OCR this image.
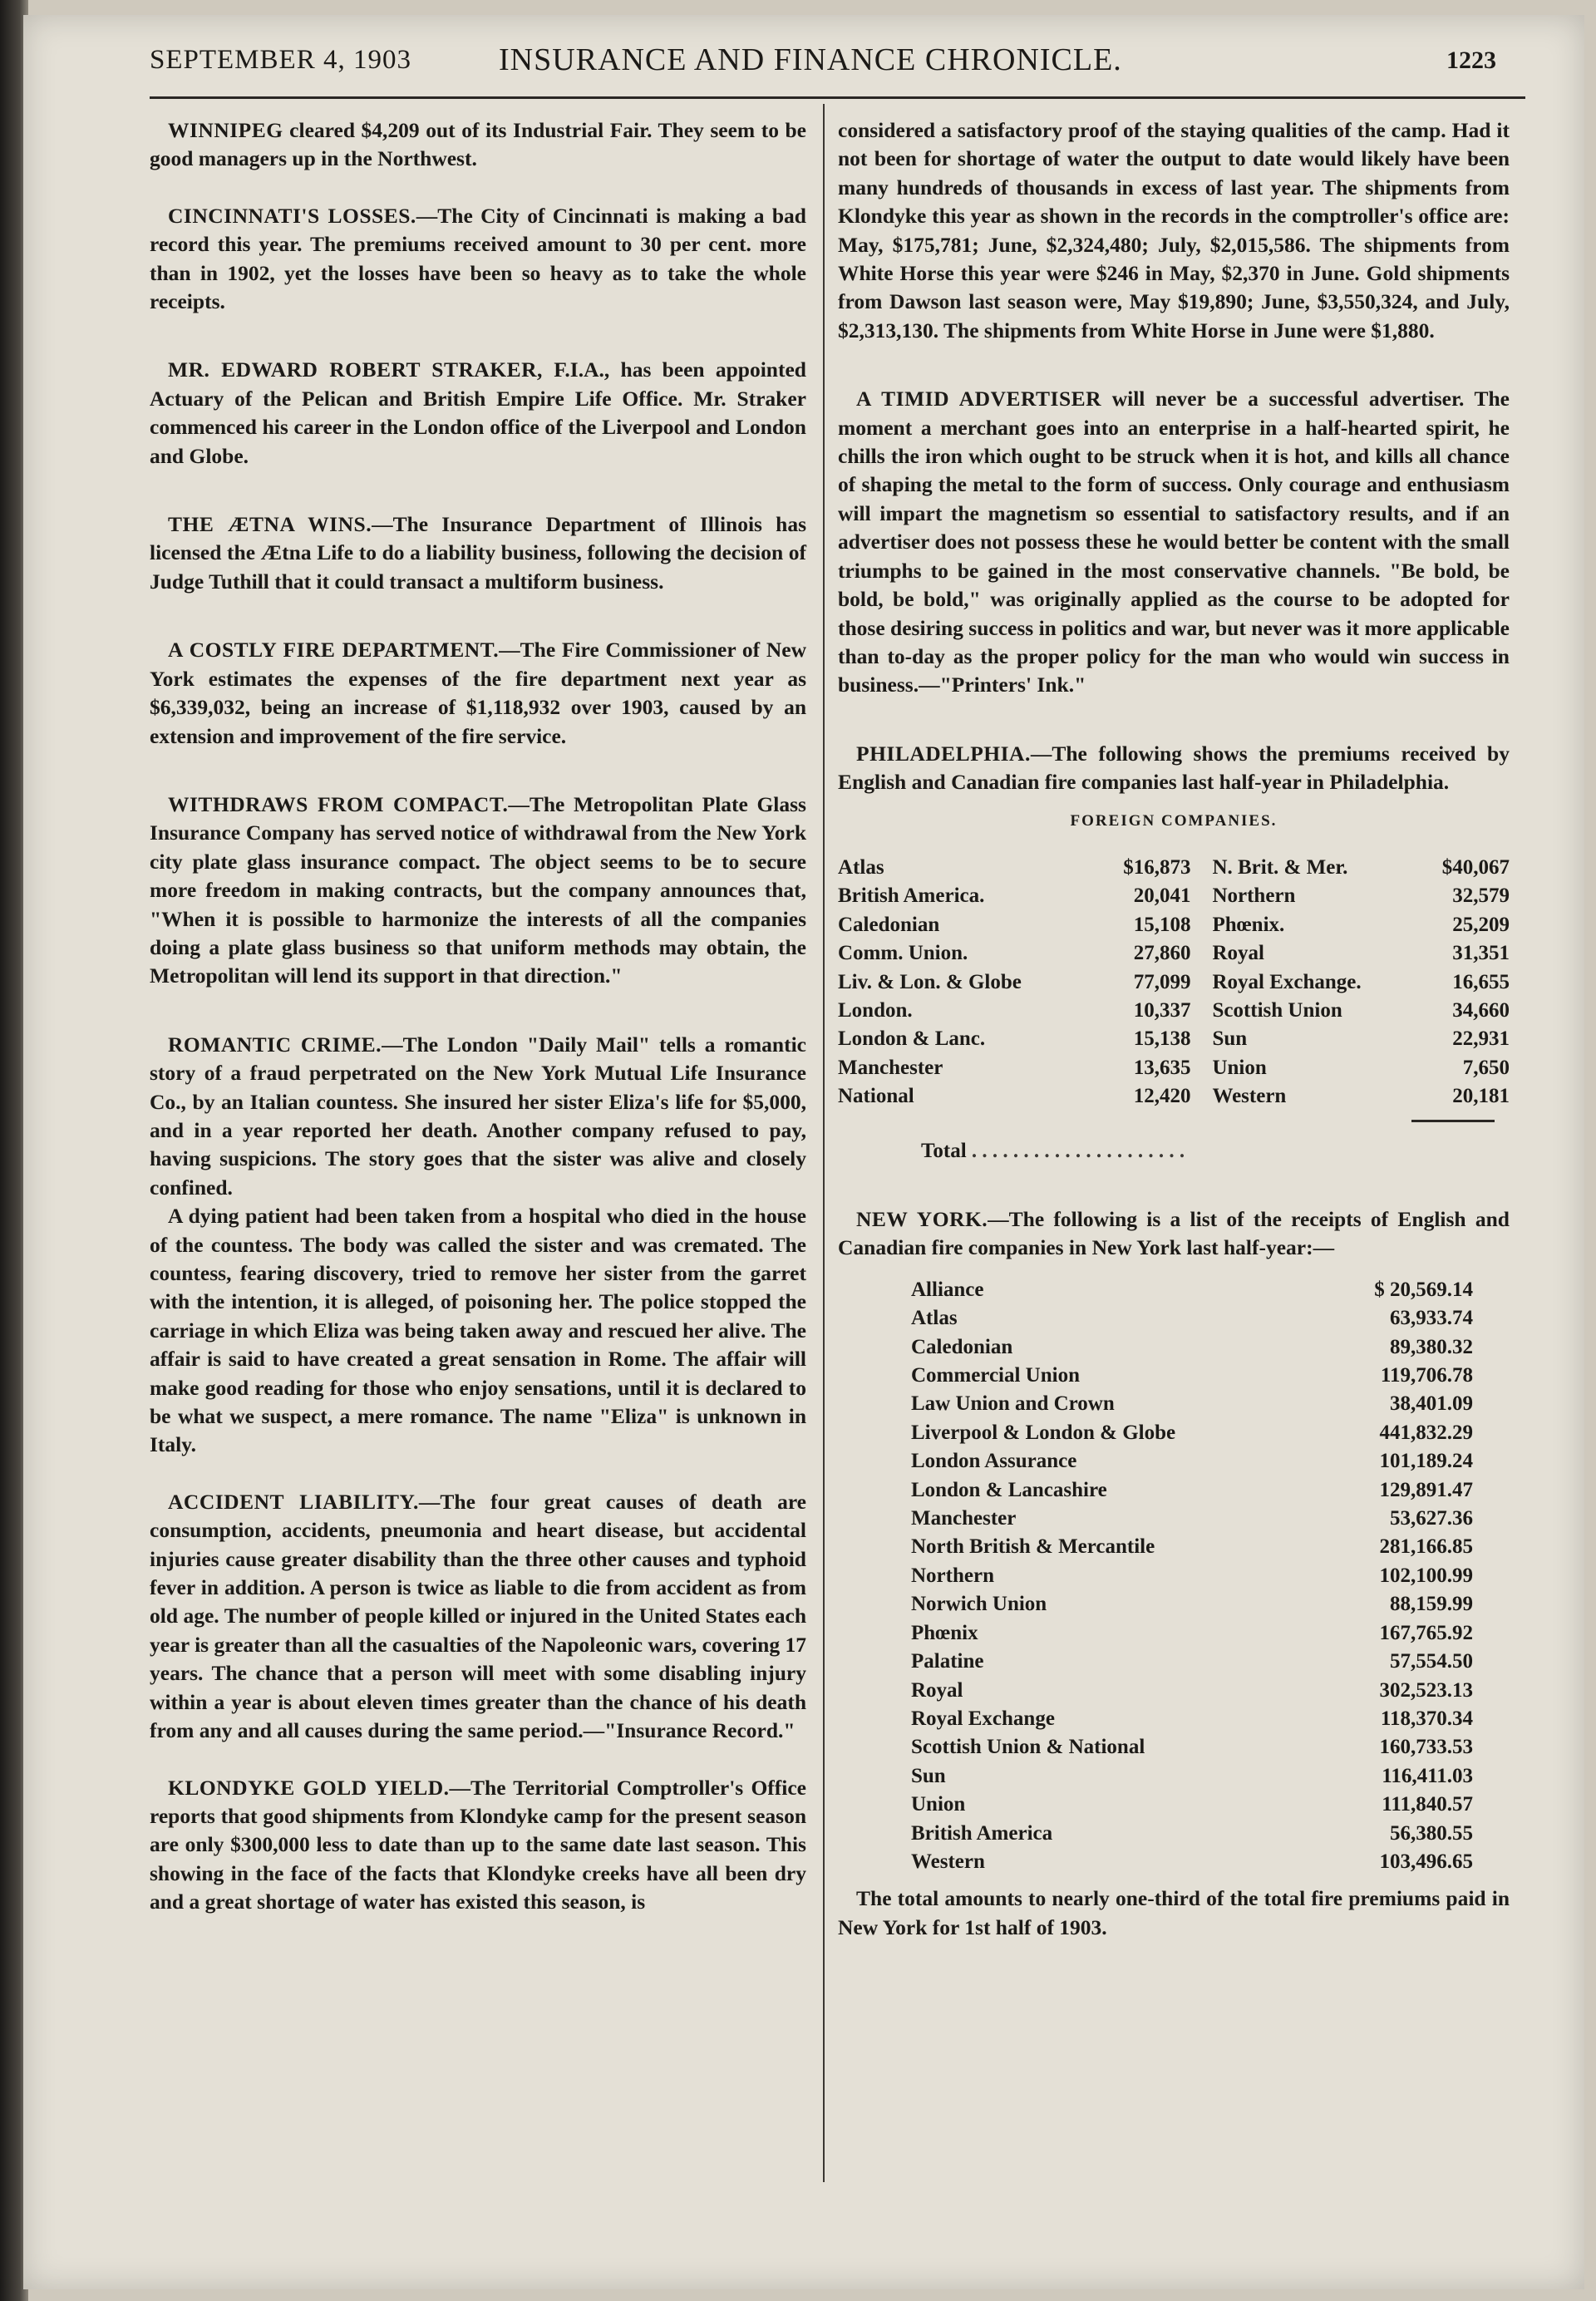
SEPTEMBER 4, 1903	INSURANCE AND FINANCE CHRONICLE.	1223

WINNIPEG cleared $4,209 out of its Industrial Fair. They seem to be good managers up in the Northwest.

CINCINNATI'S LOSSES.—The City of Cincinnati is making a bad record this year. The premiums received amount to 30 per cent. more than in 1902, yet the losses have been so heavy as to take the whole receipts.

MR. EDWARD ROBERT STRAKER, F.I.A., has been appointed Actuary of the Pelican and British Empire Life Office. Mr. Straker commenced his career in the London office of the Liverpool and London and Globe.

THE ÆTNA WINS.—The Insurance Department of Illinois has licensed the Ætna Life to do a liability business, following the decision of Judge Tuthill that it could transact a multiform business.

A COSTLY FIRE DEPARTMENT.—The Fire Commissioner of New York estimates the expenses of the fire department next year as $6,339,032, being an increase of $1,118,932 over 1903, caused by an extension and improvement of the fire service.

WITHDRAWS FROM COMPACT.—The Metropolitan Plate Glass Insurance Company has served notice of withdrawal from the New York city plate glass insurance compact. The object seems to be to secure more freedom in making contracts, but the company announces that, "When it is possible to harmonize the interests of all the companies doing a plate glass business so that uniform methods may obtain, the Metropolitan will lend its support in that direction."

ROMANTIC CRIME.—The London "Daily Mail" tells a romantic story of a fraud perpetrated on the New York Mutual Life Insurance Co., by an Italian countess. She insured her sister Eliza's life for $5,000, and in a year reported her death. Another company refused to pay, having suspicions. The story goes that the sister was alive and closely confined.

A dying patient had been taken from a hospital who died in the house of the countess. The body was called the sister and was cremated. The countess, fearing discovery, tried to remove her sister from the garret with the intention, it is alleged, of poisoning her. The police stopped the carriage in which Eliza was being taken away and rescued her alive. The affair is said to have created a great sensation in Rome. The affair will make good reading for those who enjoy sensations, until it is declared to be what we suspect, a mere romance. The name "Eliza" is unknown in Italy.

ACCIDENT LIABILITY.—The four great causes of death are consumption, accidents, pneumonia and heart disease, but accidental injuries cause greater disability than the three other causes and typhoid fever in addition. A person is twice as liable to die from accident as from old age. The number of people killed or injured in the United States each year is greater than all the casualties of the Napoleonic wars, covering 17 years. The chance that a person will meet with some disabling injury within a year is about eleven times greater than the chance of his death from any and all causes during the same period.—"Insurance Record."

KLONDYKE GOLD YIELD.—The Territorial Comptroller's Office reports that good shipments from Klondyke camp for the present season are only $300,000 less to date than up to the same date last season. This showing in the face of the facts that Klondyke creeks have all been dry and a great shortage of water has existed this season, is

considered a satisfactory proof of the staying qualities of the camp. Had it not been for shortage of water the output to date would likely have been many hundreds of thousands in excess of last year. The shipments from Klondyke this year as shown in the records in the comptroller's office are: May, $175,781; June, $2,324,480; July, $2,015,586. The shipments from White Horse this year were $246 in May, $2,370 in June. Gold shipments from Dawson last season were, May $19,890; June, $3,550,324, and July, $2,313,130. The shipments from White Horse in June were $1,880.

A TIMID ADVERTISER will never be a successful advertiser. The moment a merchant goes into an enterprise in a half-hearted spirit, he chills the iron which ought to be struck when it is hot, and kills all chance of shaping the metal to the form of success. Only courage and enthusiasm will impart the magnetism so essential to satisfactory results, and if an advertiser does not possess these he would better be content with the small triumphs to be gained in the most conservative channels. "Be bold, be bold, be bold," was originally applied as the course to be adopted for those desiring success in politics and war, but never was it more applicable than to-day as the proper policy for the man who would win success in business.—"Printers' Ink."

PHILADELPHIA.—The following shows the premiums received by English and Canadian fire companies last half-year in Philadelphia.

FOREIGN COMPANIES.
Atlas	$16,873	N. Brit. & Mer.	$40,067
British America.	20,041	Northern	32,579
Caledonian	15,108	Phœnix.	25,209
Comm. Union.	27,860	Royal	31,351
Liv. & Lon. & Globe	77,099	Royal Exchange.	16,655
London.	10,337	Scottish Union	34,660
London & Lanc.	15,138	Sun	22,931
Manchester	13,635	Union	7,650
National	12,420	Western	20,181
Total . . . . . . . . . . . . . . . . . . . . .

NEW YORK.—The following is a list of the receipts of English and Canadian fire companies in New York last half-year:—

Alliance	$ 20,569.14
Atlas	63,933.74
Caledonian	89,380.32
Commercial Union	119,706.78
Law Union and Crown	38,401.09
Liverpool & London & Globe	441,832.29
London Assurance	101,189.24
London & Lancashire	129,891.47
Manchester	53,627.36
North British & Mercantile	281,166.85
Northern	102,100.99
Norwich Union	88,159.99
Phœnix	167,765.92
Palatine	57,554.50
Royal	302,523.13
Royal Exchange	118,370.34
Scottish Union & National	160,733.53
Sun	116,411.03
Union	111,840.57
British America	56,380.55
Western	103,496.65

The total amounts to nearly one-third of the total fire premiums paid in New York for 1st half of 1903.
